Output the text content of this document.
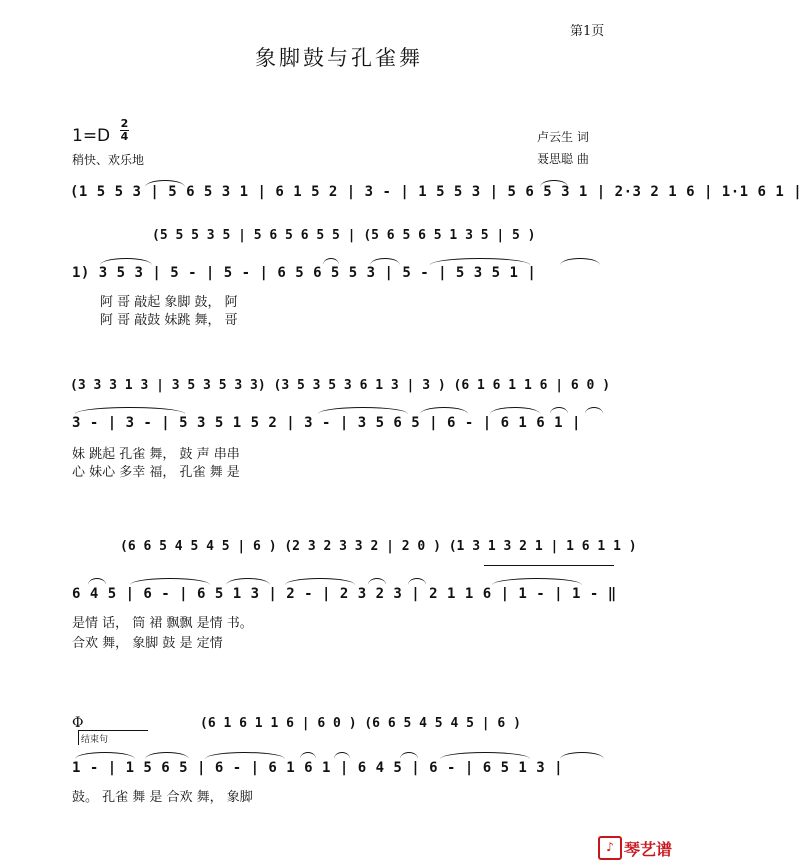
第1页
象脚鼓与孔雀舞
1=D
2
4
稍快、欢乐地
卢云生 词
聂思聪 曲
(1 5 5 3 | 5 6 5 3 1 | 6 1 5 2 | 3 - | 1 5 5 3 | 5 6 5 3 1 | 2·3 2 1 6 | 1·1 6 1 |
(5 5 5 3 5 | 5 6 5 6 5 5 | (5 6 5 6 5 1 3 5 | 5 )
1) 3 5 3 | 5 - | 5 - | 6 5 6 5 5 3 | 5 - | 5 3 5 1 |
阿 哥 敲起 象脚 鼓， 阿
阿 哥 敲鼓 妹跳 舞， 哥
(3 3 3 1 3 | 3 5 3 5 3 3) (3 5 3 5 3 6 1 3 | 3 ) (6 1 6 1 1 6 | 6 0 )
3 - | 3 - | 5 3 5 1 5 2 | 3 - | 3 5 6 5 | 6 - | 6 1 6 1 |
妹 跳起 孔雀 舞， 鼓 声 串串
心 妹心 多幸 福， 孔雀 舞 是
(6 6 5 4 5 4 5 | 6 ) (2 3 2 3 3 2 | 2 0 ) (1 3 1 3 2 1 | 1 6 1 1 )
6 4 5 | 6 - | 6 5 1 3 | 2 - | 2 3 2 3 | 2 1 1 6 | 1 - | 1 - ‖
是情 话， 筒 裙 飘飘 是情 书。
合欢 舞， 象脚 鼓 是 定情
Φ
结束句
(6 1 6 1 1 6 | 6 0 ) (6 6 5 4 5 4 5 | 6 )
1 - | 1 5 6 5 | 6 - | 6 1 6 1 | 6 4 5 | 6 - | 6 5 1 3 |
鼓。 孔雀 舞 是 合欢 舞， 象脚
♪ 琴艺谱
